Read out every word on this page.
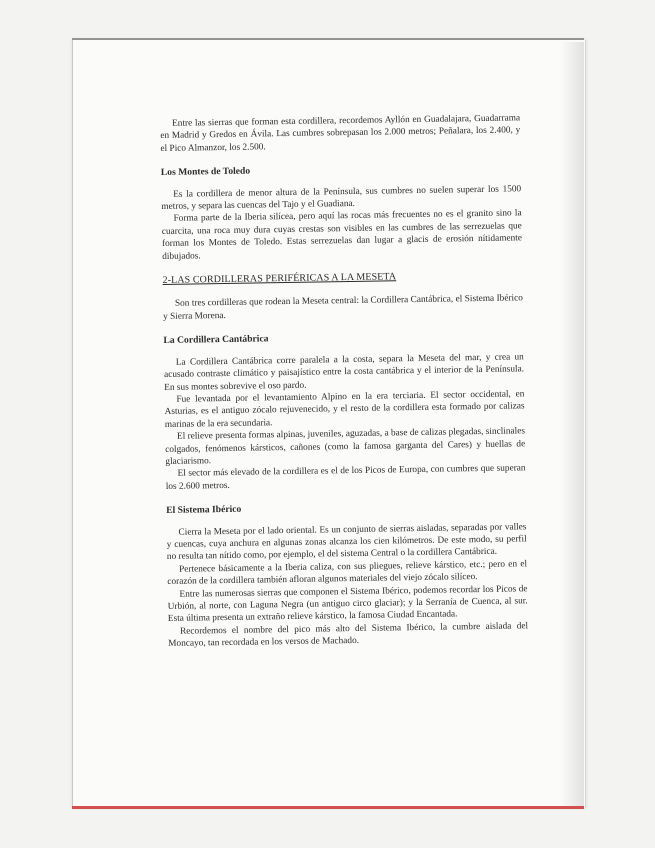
Entre las sierras que forman esta cordillera, recordemos Ayllón en Guadalajara, Guadarrama en Madrid y Gredos en Ávila. Las cumbres sobrepasan los 2.000 metros; Peñalara, los 2.400, y el Pico Almanzor, los 2.500.

Los Montes de Toledo

Es la cordillera de menor altura de la Península, sus cumbres no suelen superar los 1500 metros, y separa las cuencas del Tajo y el Guadiana.

Forma parte de la Iberia silícea, pero aquí las rocas más frecuentes no es el granito sino la cuarcita, una roca muy dura cuyas crestas son visibles en las cumbres de las serrezuelas que forman los Montes de Toledo. Estas serrezuelas dan lugar a glacis de erosión nítidamente dibujados.

2-LAS CORDILLERAS PERIFÉRICAS A LA MESETA

Son tres cordilleras que rodean la Meseta central: la Cordillera Cantábrica, el Sistema Ibérico y Sierra Morena.

La Cordillera Cantábrica

La Cordillera Cantábrica corre paralela a la costa, separa la Meseta del mar, y crea un acusado contraste climático y paisajístico entre la costa cantábrica y el interior de la Península. En sus montes sobrevive el oso pardo.

Fue levantada por el levantamiento Alpino en la era terciaria. El sector occidental, en Asturias, es el antiguo zócalo rejuvenecido, y el resto de la cordillera esta formado por calizas marinas de la era secundaria.

El relieve presenta formas alpinas, juveniles, aguzadas, a base de calizas plegadas, sinclinales colgados, fenómenos kársticos, cañones (como la famosa garganta del Cares) y huellas de glaciarismo.

El sector más elevado de la cordillera es el de los Picos de Europa, con cumbres que superan los 2.600 metros.

El Sistema Ibérico

Cierra la Meseta por el lado oriental. Es un conjunto de sierras aisladas, separadas por valles y cuencas, cuya anchura en algunas zonas alcanza los cien kilómetros. De este modo, su perfil no resulta tan nítido como, por ejemplo, el del sistema Central o la cordillera Cantábrica.

Pertenece básicamente a la Iberia caliza, con sus pliegues, relieve kárstico, etc.; pero en el corazón de la cordillera también afloran algunos materiales del viejo zócalo silíceo.

Entre las numerosas sierras que componen el Sistema Ibérico, podemos recordar los Picos de Urbión, al norte, con Laguna Negra (un antiguo circo glaciar); y la Serranía de Cuenca, al sur. Esta última presenta un extraño relieve kárstico, la famosa Ciudad Encantada.

Recordemos el nombre del pico más alto del Sistema Ibérico, la cumbre aislada del Moncayo, tan recordada en los versos de Machado.
